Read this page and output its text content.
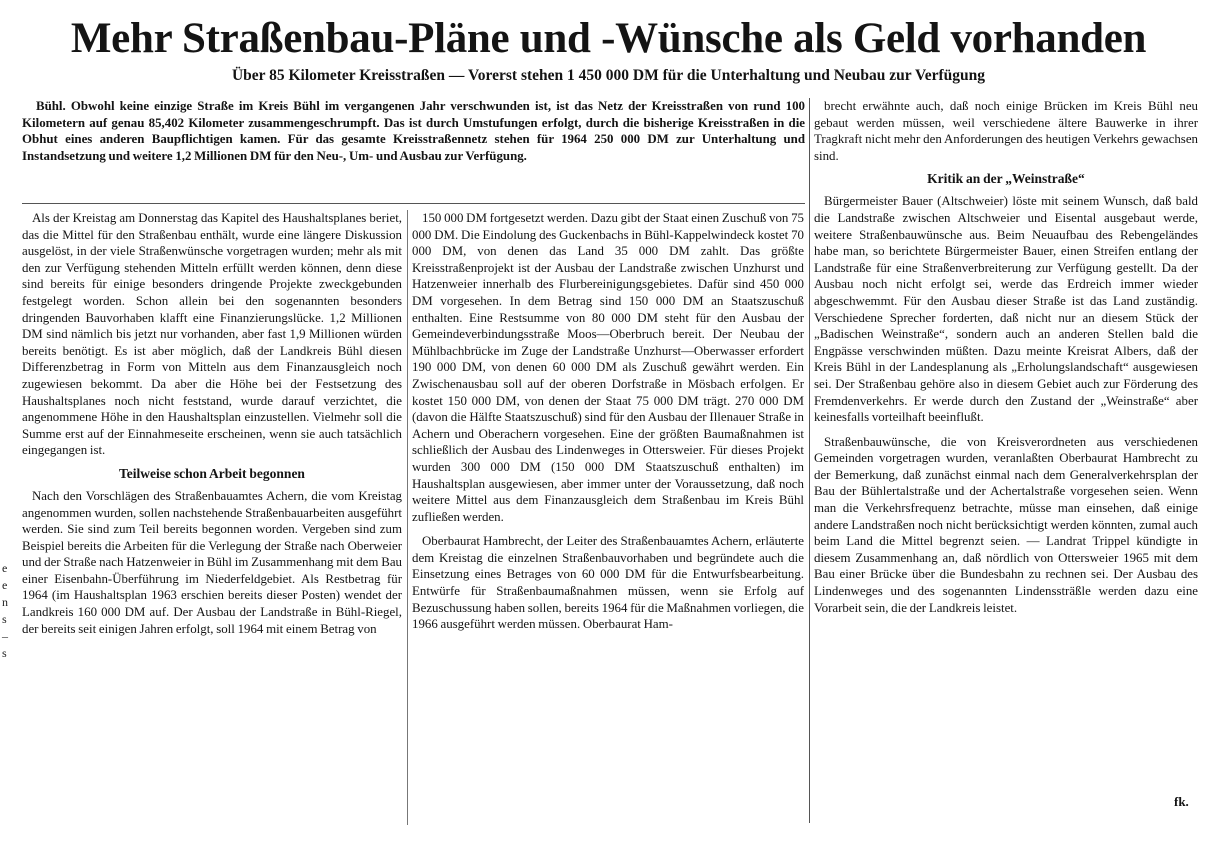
Mehr Straßenbau-Pläne und -Wünsche als Geld vorhanden
Über 85 Kilometer Kreisstraßen — Vorerst stehen 1 450 000 DM für die Unterhaltung und Neubau zur Verfügung

Bühl. Obwohl keine einzige Straße im Kreis Bühl im vergangenen Jahr verschwunden ist, ist das Netz der Kreisstraßen von rund 100 Kilometern auf genau 85,402 Kilometer zusammengeschrumpft. Das ist durch Umstufungen erfolgt, durch die bisherige Kreisstraßen in die Obhut eines anderen Baupflichtigen kamen. Für das gesamte Kreisstraßennetz stehen für 1964 250 000 DM zur Unterhaltung und Instandsetzung und weitere 1,2 Millionen DM für den Neu-, Um- und Ausbau zur Verfügung.

Als der Kreistag am Donnerstag das Kapitel des Haushaltsplanes beriet, das die Mittel für den Straßenbau enthält, wurde eine längere Diskussion ausgelöst, in der viele Straßenwünsche vorgetragen wurden; mehr als mit den zur Verfügung stehenden Mitteln erfüllt werden können, denn diese sind bereits für einige besonders dringende Projekte zweckgebunden festgelegt worden. Schon allein bei den sogenannten besonders dringenden Bauvorhaben klafft eine Finanzierungslücke. 1,2 Millionen DM sind nämlich bis jetzt nur vorhanden, aber fast 1,9 Millionen würden bereits benötigt. Es ist aber möglich, daß der Landkreis Bühl diesen Differenzbetrag in Form von Mitteln aus dem Finanzausgleich noch zugewiesen bekommt. Da aber die Höhe bei der Festsetzung des Haushaltsplanes noch nicht feststand, wurde darauf verzichtet, die angenommene Höhe in den Haushaltsplan einzustellen. Vielmehr soll die Summe erst auf der Einnahmeseite erscheinen, wenn sie auch tatsächlich eingegangen ist.

Teilweise schon Arbeit begonnen

Nach den Vorschlägen des Straßenbauamtes Achern, die vom Kreistag angenommen wurden, sollen nachstehende Straßenbauarbeiten ausgeführt werden. Sie sind zum Teil bereits begonnen worden. Vergeben sind zum Beispiel bereits die Arbeiten für die Verlegung der Straße nach Oberweier und der Straße nach Hatzenweier in Bühl im Zusammenhang mit dem Bau einer Eisenbahn-Überführung im Niederfeldgebiet. Als Restbetrag für 1964 (im Haushaltsplan 1963 erschien bereits dieser Posten) wendet der Landkreis 160 000 DM auf. Der Ausbau der Landstraße in Bühl-Riegel, der bereits seit einigen Jahren erfolgt, soll 1964 mit einem Betrag von

150 000 DM fortgesetzt werden. Dazu gibt der Staat einen Zuschuß von 75 000 DM. Die Eindolung des Guckenbachs in Bühl-Kappelwindeck kostet 70 000 DM, von denen das Land 35 000 DM zahlt. Das größte Kreisstraßenprojekt ist der Ausbau der Landstraße zwischen Unzhurst und Hatzenweier innerhalb des Flurbereinigungsgebietes. Dafür sind 450 000 DM vorgesehen. In dem Betrag sind 150 000 DM an Staatszuschuß enthalten. Eine Restsumme von 80 000 DM steht für den Ausbau der Gemeindeverbindungsstraße Moos—Oberbruch bereit. Der Neubau der Mühlbachbrücke im Zuge der Landstraße Unzhurst—Oberwasser erfordert 190 000 DM, von denen 60 000 DM als Zuschuß gewährt werden. Ein Zwischenausbau soll auf der oberen Dorfstraße in Mösbach erfolgen. Er kostet 150 000 DM, von denen der Staat 75 000 DM trägt. 270 000 DM (davon die Hälfte Staatszuschuß) sind für den Ausbau der Illenauer Straße in Achern und Oberachern vorgesehen. Eine der größten Baumaßnahmen ist schließlich der Ausbau des Lindenweges in Ottersweier. Für dieses Projekt wurden 300 000 DM (150 000 DM Staatszuschuß enthalten) im Haushaltsplan ausgewiesen, aber immer unter der Voraussetzung, daß noch weitere Mittel aus dem Finanzausgleich dem Straßenbau im Kreis Bühl zufließen werden.

Oberbaurat Hambrecht, der Leiter des Straßenbauamtes Achern, erläuterte dem Kreistag die einzelnen Straßenbauvorhaben und begründete auch die Einsetzung eines Betrages von 60 000 DM für die Entwurfsbearbeitung. Entwürfe für Straßenbaumaßnahmen müssen, wenn sie Erfolg auf Bezuschussung haben sollen, bereits 1964 für die Maßnahmen vorliegen, die 1966 ausgeführt werden müssen. Oberbaurat Ham-

brecht erwähnte auch, daß noch einige Brücken im Kreis Bühl neu gebaut werden müssen, weil verschiedene ältere Bauwerke in ihrer Tragkraft nicht mehr den Anforderungen des heutigen Verkehrs gewachsen sind.

Kritik an der „Weinstraße“

Bürgermeister Bauer (Altschweier) löste mit seinem Wunsch, daß bald die Landstraße zwischen Altschweier und Eisental ausgebaut werde, weitere Straßenbauwünsche aus. Beim Neuaufbau des Rebengeländes habe man, so berichtete Bürgermeister Bauer, einen Streifen entlang der Landstraße für eine Straßenverbreiterung zur Verfügung gestellt. Da der Ausbau noch nicht erfolgt sei, werde das Erdreich immer wieder abgeschwemmt. Für den Ausbau dieser Straße ist das Land zuständig. Verschiedene Sprecher forderten, daß nicht nur an diesem Stück der „Badischen Weinstraße“, sondern auch an anderen Stellen bald die Engpässe verschwinden müßten. Dazu meinte Kreisrat Albers, daß der Kreis Bühl in der Landesplanung als „Erholungslandschaft“ ausgewiesen sei. Der Straßenbau gehöre also in diesem Gebiet auch zur Förderung des Fremdenverkehrs. Er werde durch den Zustand der „Weinstraße“ aber keinesfalls vorteilhaft beeinflußt.

Straßenbauwünsche, die von Kreisverordneten aus verschiedenen Gemeinden vorgetragen wurden, veranlaßten Oberbaurat Hambrecht zu der Bemerkung, daß zunächst einmal nach dem Generalverkehrsplan der Bau der Bühlertalstraße und der Achertalstraße vorgesehen seien. Wenn man die Verkehrsfrequenz betrachte, müsse man einsehen, daß einige andere Landstraßen noch nicht berücksichtigt werden könnten, zumal auch beim Land die Mittel begrenzt seien. — Landrat Trippel kündigte in diesem Zusammenhang an, daß nördlich von Ottersweier 1965 mit dem Bau einer Brücke über die Bundesbahn zu rechnen sei. Der Ausbau des Lindenweges und des sogenannten Lindenssträßle werden dazu eine Vorarbeit sein, die der Landkreis leistet.

e
e
n
s
–
s
fk.
